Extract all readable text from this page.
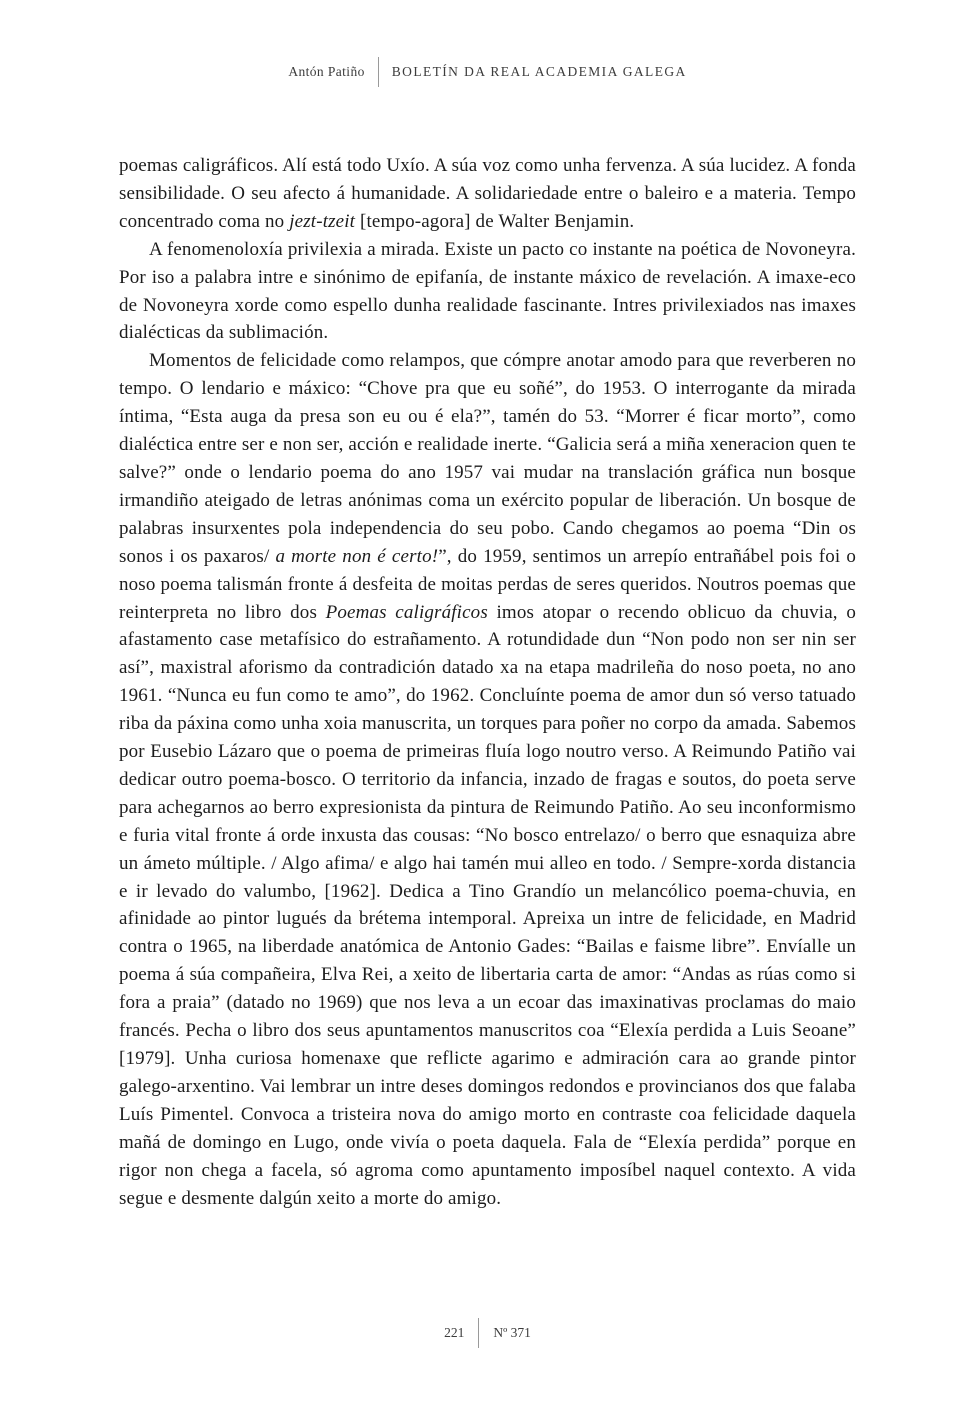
Antón Patiño BOLETÍN DA REAL ACADEMIA GALEGA

poemas caligráficos. Alí está todo Uxío. A súa voz como unha fervenza. A súa lucidez. A fonda sensibilidade. O seu afecto á humanidade. A solidariedade entre o baleiro e a materia. Tempo concentrado coma no jezt-tzeit [tempo-agora] de Walter Benjamin.

A fenomenoloxía privilexia a mirada. Existe un pacto co instante na poética de Novoneyra. Por iso a palabra intre e sinónimo de epifanía, de instante máxico de revelación. A imaxe-eco de Novoneyra xorde como espello dunha realidade fascinante. Intres privilexiados nas imaxes dialécticas da sublimación.

Momentos de felicidade como relampos, que cómpre anotar amodo para que reverberen no tempo. O lendario e máxico: “Chove pra que eu soñé”, do 1953. O interrogante da mirada íntima, “Esta auga da presa son eu ou é ela?”, tamén do 53. “Morrer é ficar morto”, como dialéctica entre ser e non ser, acción e realidade inerte. “Galicia será a miña xeneracion quen te salve?” onde o lendario poema do ano 1957 vai mudar na translación gráfica nun bosque irmandiño ateigado de letras anónimas coma un exército popular de liberación. Un bosque de palabras insurxentes pola independencia do seu pobo. Cando chegamos ao poema “Din os sonos i os paxaros/ a morte non é certo!”, do 1959, sentimos un arrepío entrañábel pois foi o noso poema talismán fronte á desfeita de moitas perdas de seres queridos. Noutros poemas que reinterpreta no libro dos Poemas caligráficos imos atopar o recendo oblicuo da chuvia, o afastamento case metafísico do estrañamento. A rotundidade dun “Non podo non ser nin ser así”, maxistral aforismo da contradición datado xa na etapa madrileña do noso poeta, no ano 1961. “Nunca eu fun como te amo”, do 1962. Concluínte poema de amor dun só verso tatuado riba da páxina como unha xoia manuscrita, un torques para poñer no corpo da amada. Sabemos por Eusebio Lázaro que o poema de primeiras fluía logo noutro verso. A Reimundo Patiño vai dedicar outro poema-bosco. O territorio da infancia, inzado de fragas e soutos, do poeta serve para achegarnos ao berro expresionista da pintura de Reimundo Patiño. Ao seu inconformismo e furia vital fronte á orde inxusta das cousas: “No bosco entrelazo/ o berro que esnaquiza abre un ámeto múltiple. / Algo afima/ e algo hai tamén mui alleo en todo. / Sempre-xorda distancia e ir levado do valumbo, [1962]. Dedica a Tino Grandío un melancólico poema-chuvia, en afinidade ao pintor lugués da brétema intemporal. Apreixa un intre de felicidade, en Madrid contra o 1965, na liberdade anatómica de Antonio Gades: “Bailas e faisme libre”. Envíalle un poema á súa compañeira, Elva Rei, a xeito de libertaria carta de amor: “Andas as rúas como si fora a praia” (datado no 1969) que nos leva a un ecoar das imaxinativas proclamas do maio francés. Pecha o libro dos seus apuntamentos manuscritos coa “Elexía perdida a Luis Seoane” [1979]. Unha curiosa homenaxe que reflicte agarimo e admiración cara ao grande pintor galego-arxentino. Vai lembrar un intre deses domingos redondos e provincianos dos que falaba Luís Pimentel. Convoca a tristeira nova do amigo morto en contraste coa felicidade daquela mañá de domingo en Lugo, onde vivía o poeta daquela. Fala de “Elexía perdida” porque en rigor non chega a facela, só agroma como apuntamento imposíbel naquel contexto. A vida segue e desmente dalgún xeito a morte do amigo.

221 Nº 371
